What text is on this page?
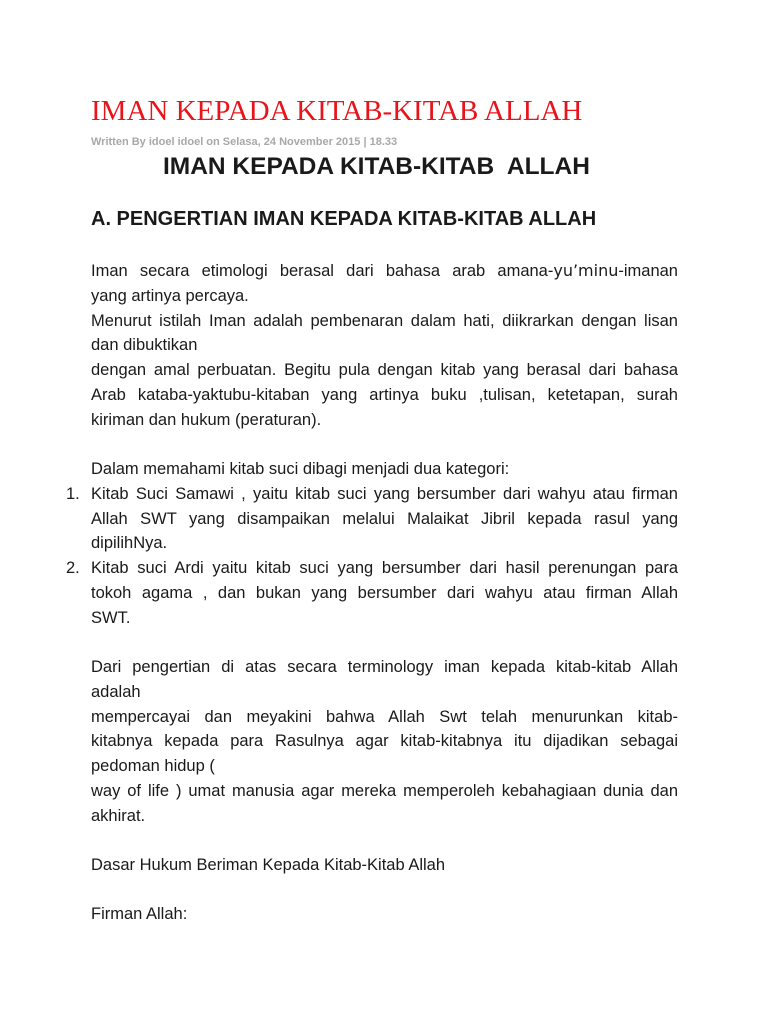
IMAN KEPADA KITAB-KITAB ALLAH

Written By idoel idoel on Selasa, 24 November 2015 | 18.33

IMAN KEPADA KITAB-KITAB  ALLAH
A. PENGERTIAN IMAN KEPADA KITAB-KITAB ALLAH

Iman secara etimologi berasal dari bahasa arab amana-yu’minu-imanan

yang artinya percaya.

Menurut istilah Iman adalah pembenaran dalam hati, diikrarkan dengan lisan

dan dibuktikan

dengan amal perbuatan. Begitu pula dengan kitab yang berasal dari bahasa

Arab kataba-yaktubu-kitaban yang artinya buku ,tulisan, ketetapan, surah

kiriman dan hukum (peraturan).

Dalam memahami kitab suci dibagi menjadi dua kategori:

1. Kitab Suci Samawi , yaitu kitab suci yang bersumber dari wahyu atau firman

Allah SWT yang disampaikan melalui Malaikat Jibril kepada rasul yang

dipilihNya.

2. Kitab suci Ardi yaitu kitab suci yang bersumber dari hasil perenungan para

tokoh agama , dan bukan yang bersumber dari wahyu atau firman Allah

SWT.

Dari pengertian di atas secara terminology iman kepada kitab-kitab Allah

adalah

mempercayai dan meyakini bahwa Allah Swt telah menurunkan kitab-

kitabnya kepada para Rasulnya agar kitab-kitabnya itu dijadikan sebagai

pedoman hidup (

way of life ) umat manusia agar mereka memperoleh kebahagiaan dunia dan

akhirat.

Dasar Hukum Beriman Kepada Kitab-Kitab Allah

Firman Allah:
